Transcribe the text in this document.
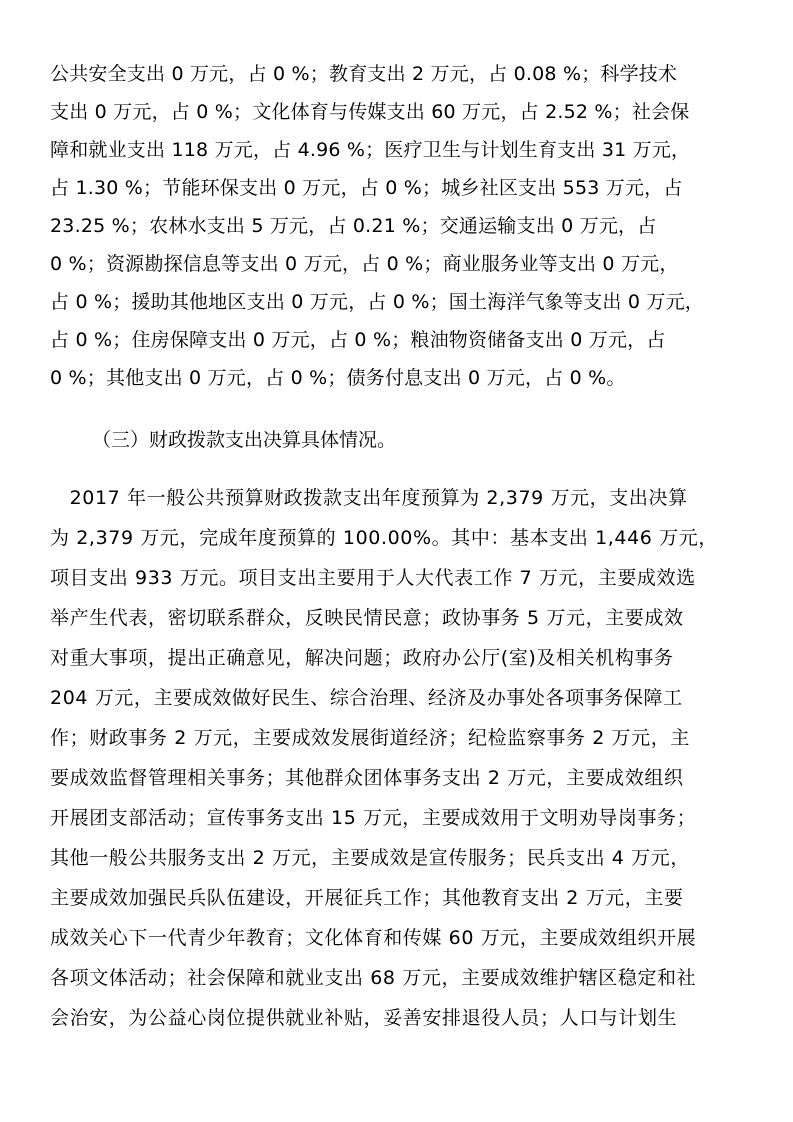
公共安全支出 0 万元，占 0 %；教育支出 2 万元，占 0.08 %；科学技术
支出 0 万元，占 0 %；文化体育与传媒支出 60 万元，占 2.52 %；社会保
障和就业支出 118 万元，占 4.96 %；医疗卫生与计划生育支出 31 万元，
占 1.30 %；节能环保支出 0 万元，占 0 %；城乡社区支出 553 万元，占
23.25 %；农林水支出 5 万元，占 0.21 %；交通运输支出 0 万元，占
0 %；资源勘探信息等支出 0 万元，占 0 %；商业服务业等支出 0 万元，
占 0 %；援助其他地区支出 0 万元，占 0 %；国土海洋气象等支出 0 万元，
占 0 %；住房保障支出 0 万元，占 0 %；粮油物资储备支出 0 万元，占
0 %；其他支出 0 万元，占 0 %；债务付息支出 0 万元，占 0 %。
（三）财政拨款支出决算具体情况。
　2017 年一般公共预算财政拨款支出年度预算为 2,379 万元，支出决算
为 2,379 万元，完成年度预算的 100.00%。其中：基本支出 1,446 万元，
项目支出 933 万元。项目支出主要用于人大代表工作 7 万元，主要成效选
举产生代表，密切联系群众，反映民情民意；政协事务 5 万元，主要成效
对重大事项，提出正确意见，解决问题；政府办公厅(室)及相关机构事务
204 万元，主要成效做好民生、综合治理、经济及办事处各项事务保障工
作；财政事务 2 万元，主要成效发展街道经济；纪检监察事务 2 万元，主
要成效监督管理相关事务；其他群众团体事务支出 2 万元，主要成效组织
开展团支部活动；宣传事务支出 15 万元，主要成效用于文明劝导岗事务；
其他一般公共服务支出 2 万元，主要成效是宣传服务；民兵支出 4 万元，
主要成效加强民兵队伍建设，开展征兵工作；其他教育支出 2 万元，主要
成效关心下一代青少年教育；文化体育和传媒 60 万元，主要成效组织开展
各项文体活动；社会保障和就业支出 68 万元，主要成效维护辖区稳定和社
会治安，为公益心岗位提供就业补贴，妥善安排退役人员；人口与计划生
